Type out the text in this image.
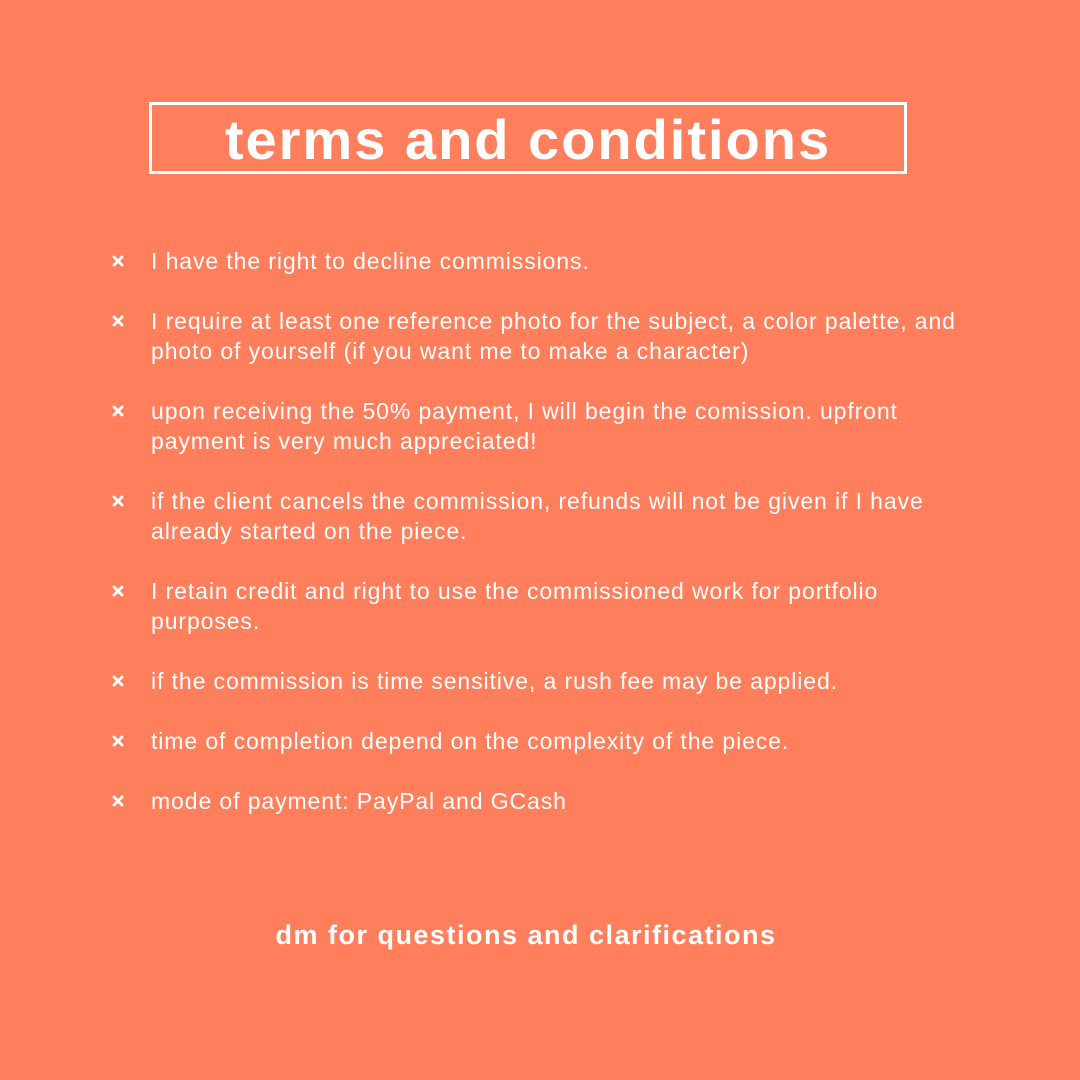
terms and conditions
I have the right to decline commissions.
I require at least one reference photo for the subject, a color palette, and photo of yourself (if you want me to make a character)
upon receiving the 50% payment, I will begin the comission. upfront payment is very much appreciated!
if the client cancels the commission, refunds will not be given if I have already started on the piece.
I retain credit and right to use the commissioned work for portfolio purposes.
if the commission is time sensitive, a rush fee may be applied.
time of completion depend on the complexity of the piece.
mode of payment: PayPal and GCash
dm for questions and clarifications
